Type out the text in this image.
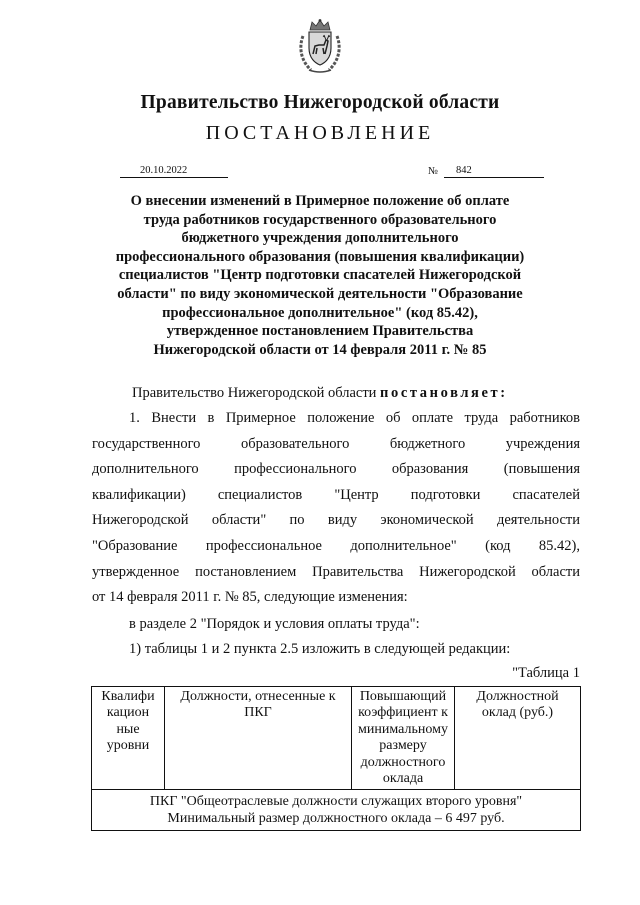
Правительство Нижегородской области
ПОСТАНОВЛЕНИЕ
20.10.2022	№	842
О внесении изменений в Примерное положение об оплате
труда работников государственного образовательного
бюджетного учреждения дополнительного
профессионального образования (повышения квалификации)
специалистов "Центр подготовки спасателей Нижегородской
области" по виду экономической деятельности "Образование
профессиональное дополнительное" (код 85.42),
утвержденное постановлением Правительства
Нижегородской области от 14 февраля 2011 г. № 85
Правительство Нижегородской области постановляет:
1. Внести в Примерное положение об оплате труда работников
государственного образовательного бюджетного учреждения
дополнительного профессионального образования (повышения
квалификации) специалистов "Центр подготовки спасателей
Нижегородской области" по виду экономической деятельности
"Образование профессиональное дополнительное" (код 85.42),
утвержденное постановлением Правительства Нижегородской области
от 14 февраля 2011 г. № 85, следующие изменения:
в разделе 2 "Порядок и условия оплаты труда":
1) таблицы 1 и 2 пункта 2.5 изложить в следующей редакции:
"Таблица 1
Квалифи кацион ные уровни	Должности, отнесенные к ПКГ	Повышающий коэффициент к минимальному размеру должностного оклада	Должностной оклад (руб.)

ПКГ "Общеотраслевые должности служащих второго уровня"
Минимальный размер должностного оклада – 6 497 руб.
